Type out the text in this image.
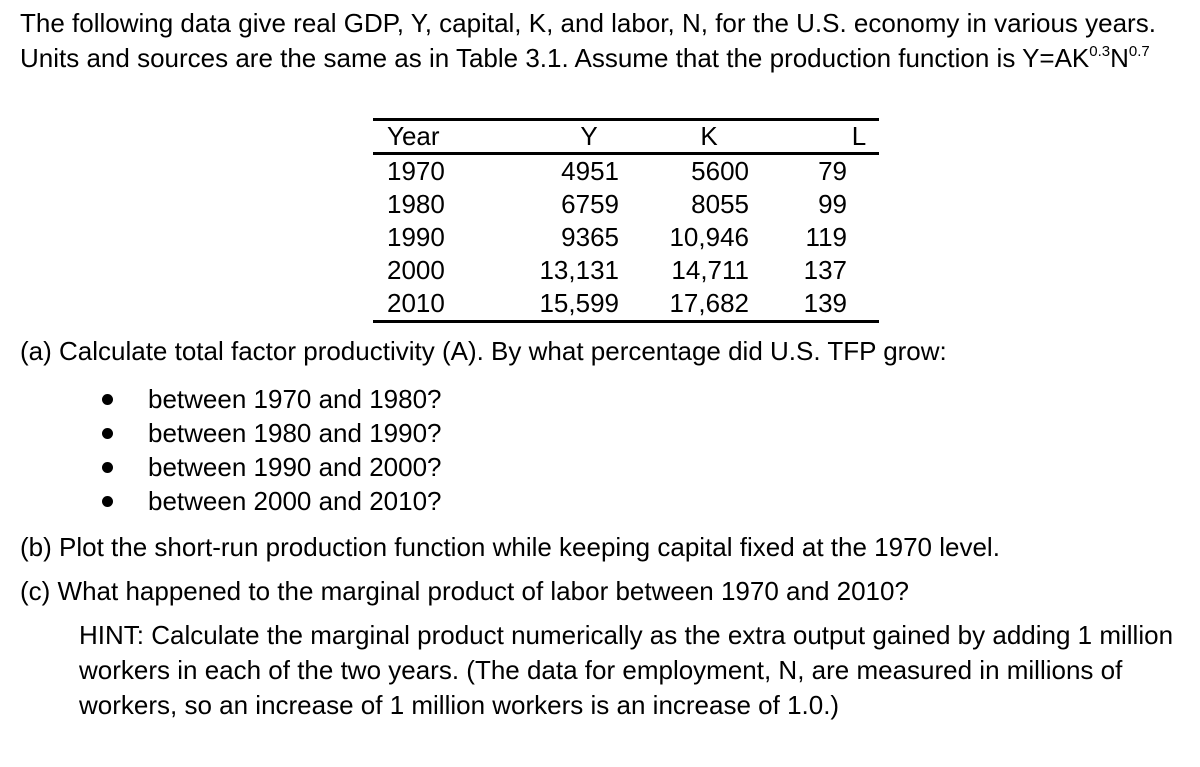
The following data give real GDP, Y, capital, K, and labor, N, for the U.S. economy in various years. Units and sources are the same as in Table 3.1. Assume that the production function is $Y=AK^{0.3}N^{0.7}$

Year	Y	K	L
1970	4951	5600	79
1980	6759	8055	99
1990	9365	10,946	119
2000	13,131	14,711	137
2010	15,599	17,682	139

(a) Calculate total factor productivity (A). By what percentage did U.S. TFP grow:

between 1970 and 1980?
between 1980 and 1990?
between 1990 and 2000?
between 2000 and 2010?

(b) Plot the short-run production function while keeping capital fixed at the 1970 level.

(c) What happened to the marginal product of labor between 1970 and 2010?

HINT: Calculate the marginal product numerically as the extra output gained by adding 1 million workers in each of the two years. (The data for employment, N, are measured in millions of workers, so an increase of 1 million workers is an increase of 1.0.)
